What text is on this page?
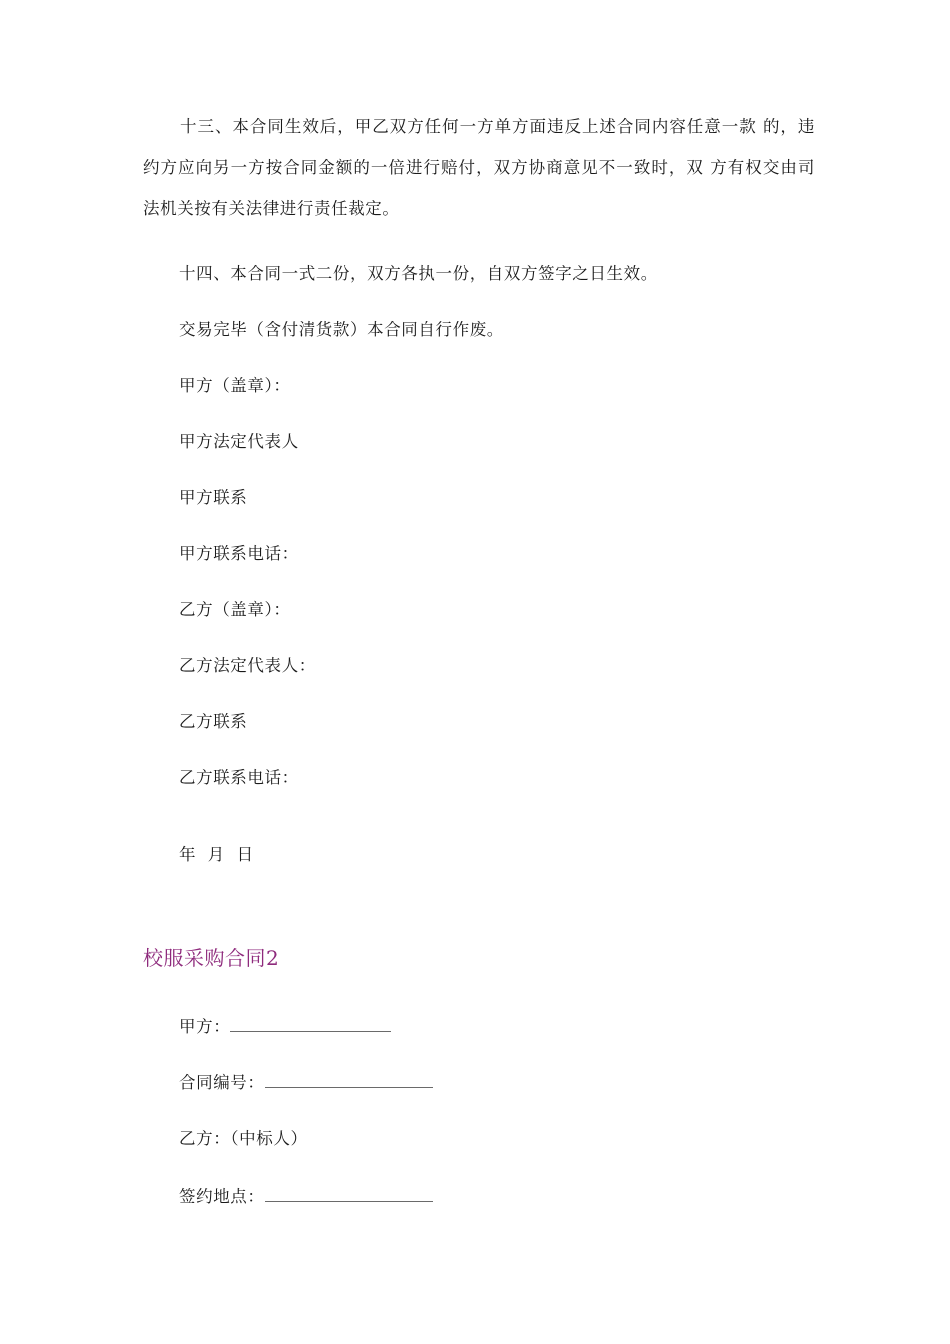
十三、本合同生效后，甲乙双方任何一方单方面违反上述合同内容任意一款 的，违约方应向另一方按合同金额的一倍进行赔付，双方协商意见不一致时，双 方有权交由司法机关按有关法律进行责任裁定。
十四、本合同一式二份，双方各执一份，自双方签字之日生效。
交易完毕（含付清货款）本合同自行作废。
甲方（盖章）：
甲方法定代表人
甲方联系
甲方联系电话：
乙方（盖章）：
乙方法定代表人：
乙方联系
乙方联系电话：
年  月  日
校服采购合同2
甲方：
合同编号：
乙方：（中标人）
签约地点：
